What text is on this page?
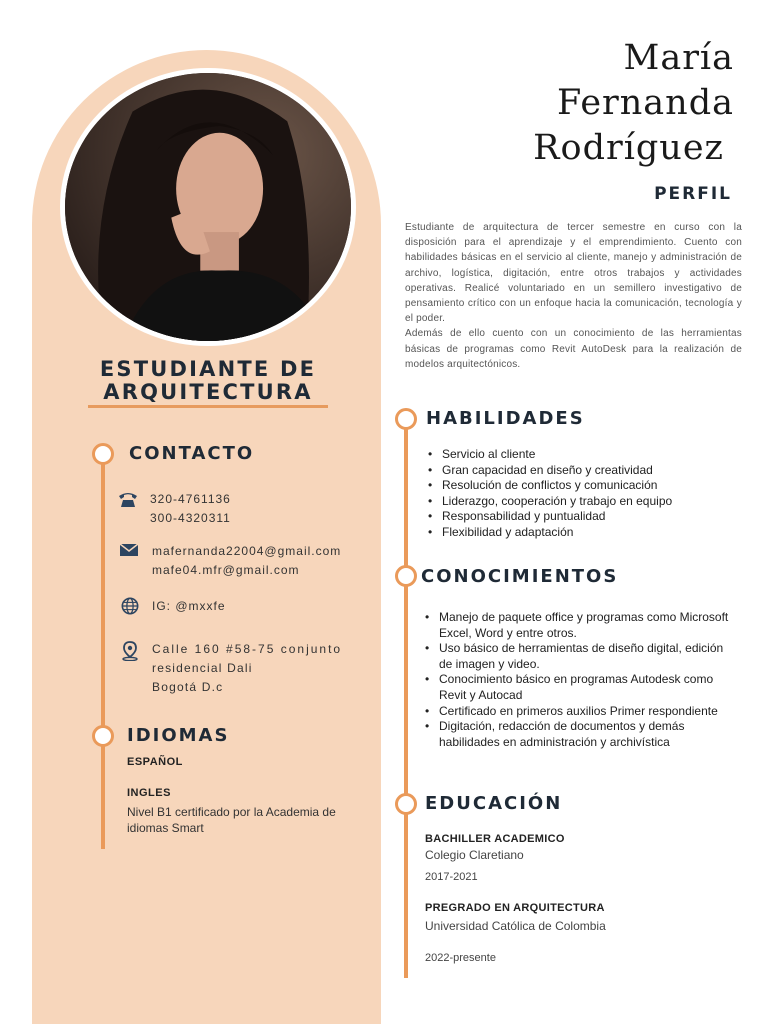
ESTUDIANTE DE
ARQUITECTURA
CONTACTO
320-4761136
300-4320311
mafernanda22004@gmail.com
mafe04.mfr@gmail.com
IG: @mxxfe
Calle 160 #58-75 conjunto
residencial Dali
Bogotá D.c
IDIOMAS
ESPAÑOL
INGLES
Nivel B1 certificado por la Academia de idiomas Smart
María
Fernanda
Rodríguez
PERFIL

Estudiante de arquitectura de tercer semestre en curso con la disposición para el aprendizaje y el emprendimiento. Cuento con habilidades básicas en el servicio al cliente, manejo y administración de archivo, logística, digitación, entre otros trabajos y actividades operativas. Realicé voluntariado en un semillero investigativo de pensamiento crítico con un enfoque hacia la comunicación, tecnología y el poder.

Además de ello cuento con un conocimiento de las herramientas básicas de programas como Revit AutoDesk para la realización de modelos arquitectónicos.

HABILIDADES
• Servicio al cliente
• Gran capacidad en diseño y creatividad
• Resolución de conflictos y comunicación
• Liderazgo, cooperación y trabajo en equipo
• Responsabilidad y puntualidad
• Flexibilidad y adaptación
CONOCIMIENTOS
• Manejo de paquete office y programas como Microsoft Excel, Word y entre otros.
• Uso básico de herramientas de diseño digital, edición de imagen y video.
• Conocimiento básico en programas Autodesk como Revit y Autocad
• Certificado en primeros auxilios Primer respondiente
• Digitación, redacción de documentos y demás habilidades en administración y archivística
EDUCACIÓN
BACHILLER ACADEMICO
Colegio Claretiano
2017-2021
PREGRADO EN ARQUITECTURA
Universidad Católica de Colombia
2022-presente
